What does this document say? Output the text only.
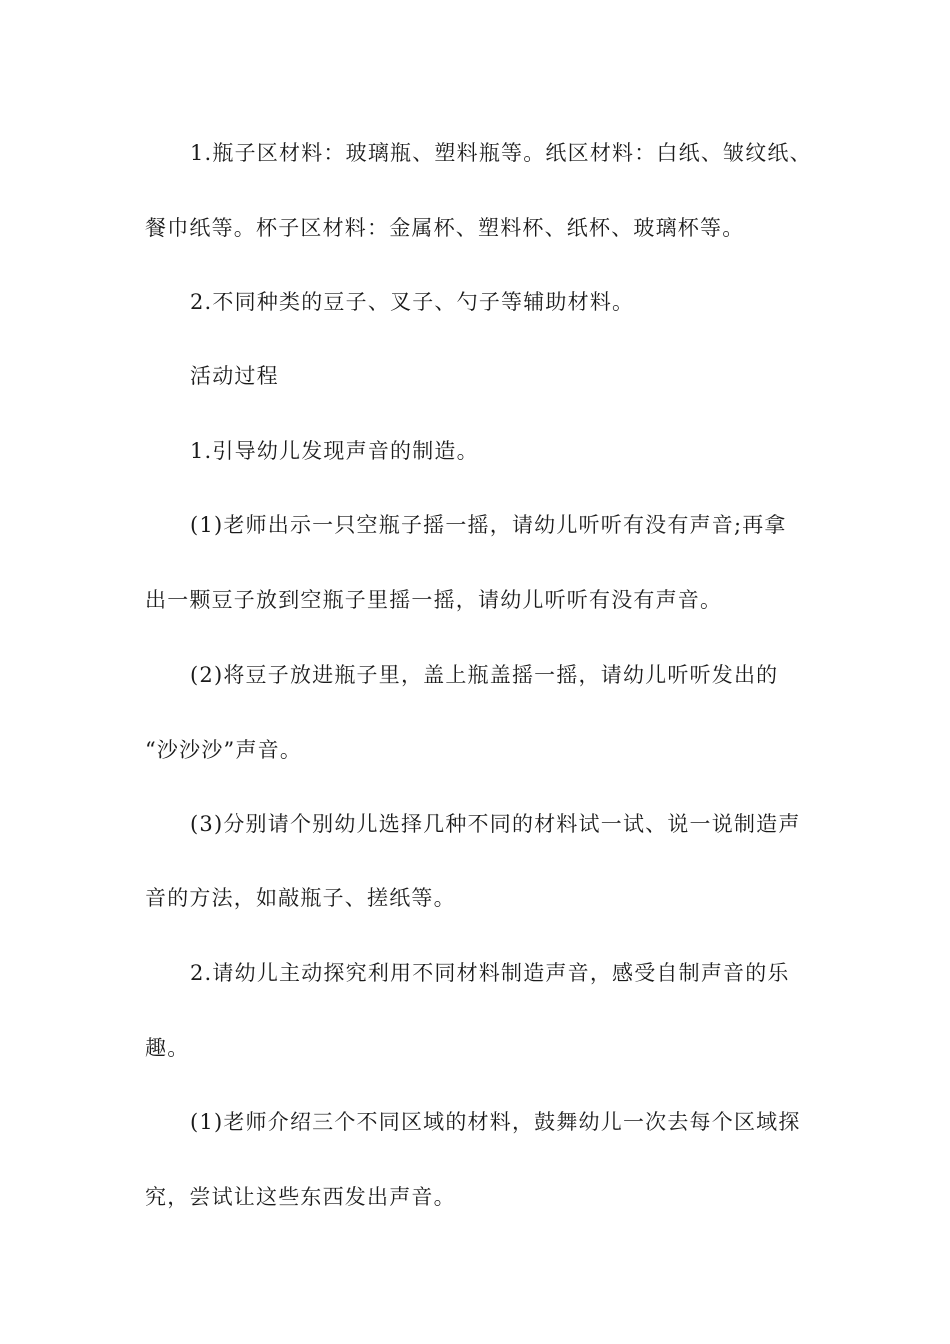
1.瓶子区材料：玻璃瓶、塑料瓶等。纸区材料：白纸、皱纹纸、
餐巾纸等。杯子区材料：金属杯、塑料杯、纸杯、玻璃杯等。
2.不同种类的豆子、叉子、勺子等辅助材料。
活动过程
1.引导幼儿发现声音的制造。
(1)老师出示一只空瓶子摇一摇，请幼儿听听有没有声音;再拿
出一颗豆子放到空瓶子里摇一摇，请幼儿听听有没有声音。
(2)将豆子放进瓶子里，盖上瓶盖摇一摇，请幼儿听听发出的
“沙沙沙”声音。
(3)分别请个别幼儿选择几种不同的材料试一试、说一说制造声
音的方法，如敲瓶子、搓纸等。
2.请幼儿主动探究利用不同材料制造声音，感受自制声音的乐
趣。
(1)老师介绍三个不同区域的材料，鼓舞幼儿一次去每个区域探
究，尝试让这些东西发出声音。
